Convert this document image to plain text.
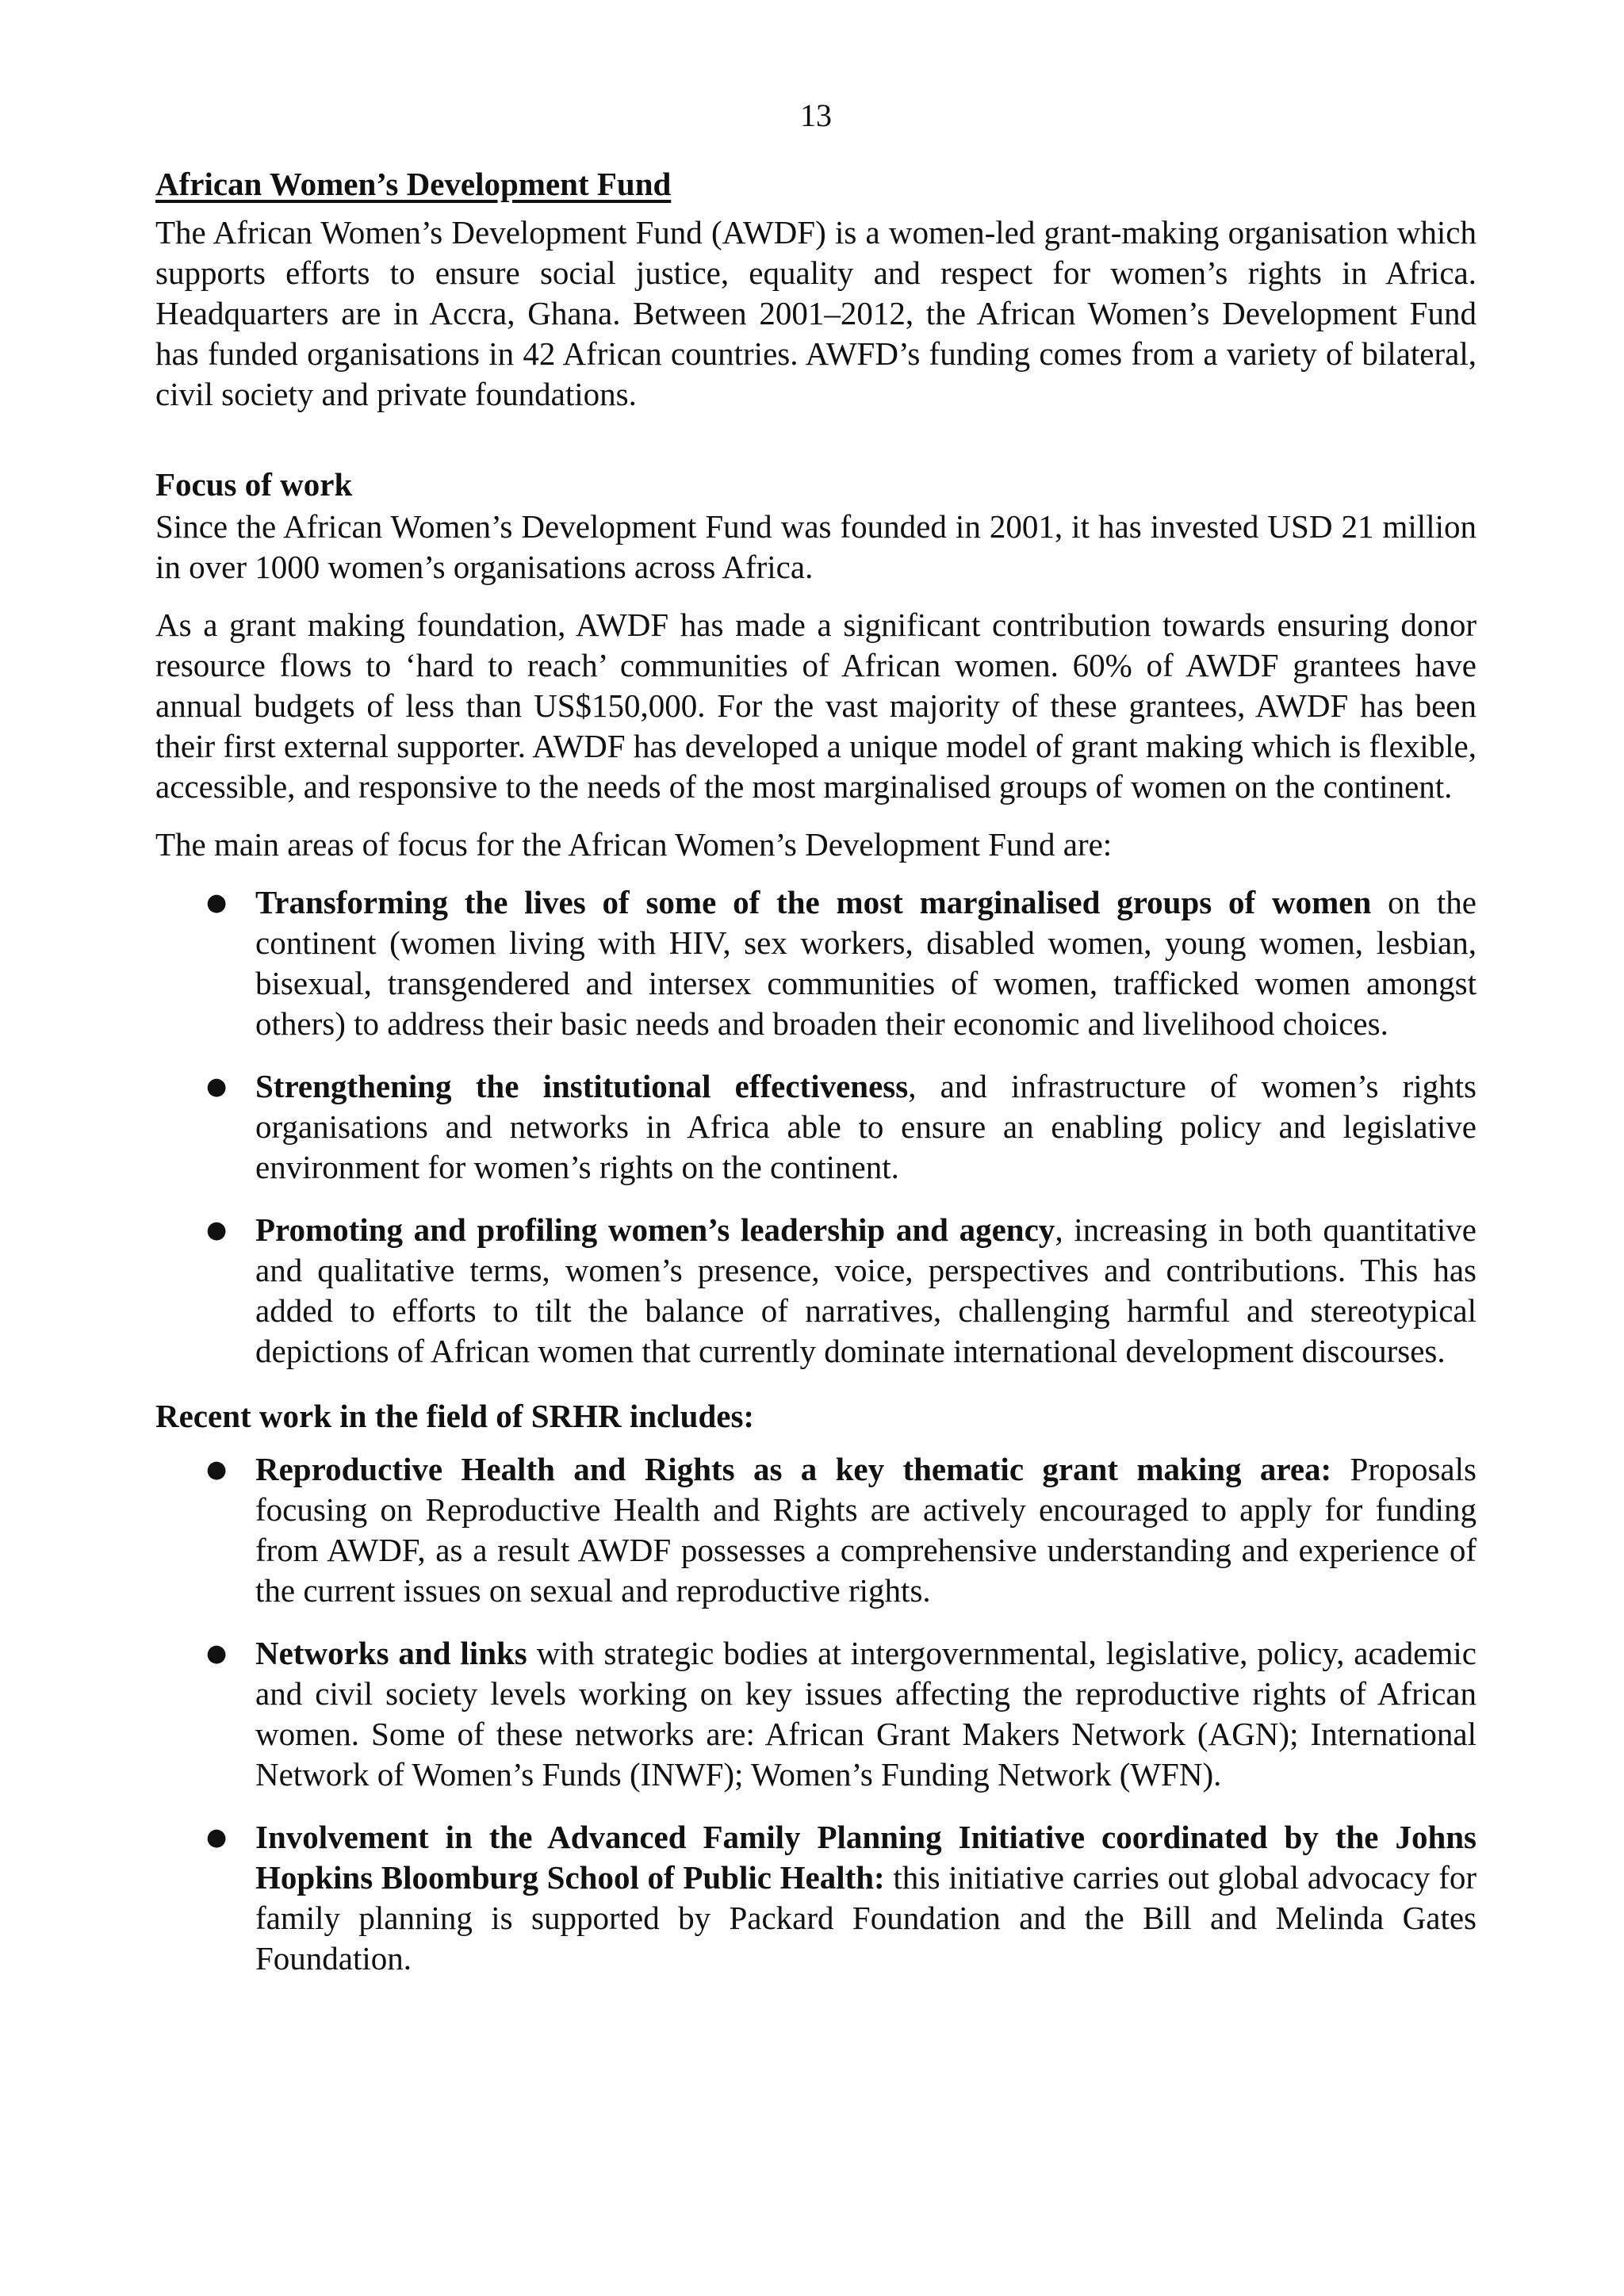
13
African Women’s Development Fund

The African Women’s Development Fund (AWDF) is a women-led grant-making organisation which supports efforts to ensure social justice, equality and respect for women’s rights in Africa. Headquarters are in Accra, Ghana. Between 2001–2012, the African Women’s Development Fund has funded organisations in 42 African countries. AWFD’s funding comes from a variety of bilateral, civil society and private foundations.

Focus of work

Since the African Women’s Development Fund was founded in 2001, it has invested USD 21 million in over 1000 women’s organisations across Africa.

As a grant making foundation, AWDF has made a significant contribution towards ensuring donor resource flows to ‘hard to reach’ communities of African women. 60% of AWDF grantees have annual budgets of less than US$150,000. For the vast majority of these grantees, AWDF has been their first external supporter. AWDF has developed a unique model of grant making which is flexible, accessible, and responsive to the needs of the most marginalised groups of women on the continent.

The main areas of focus for the African Women’s Development Fund are:

● Transforming the lives of some of the most marginalised groups of women on the continent (women living with HIV, sex workers, disabled women, young women, lesbian, bisexual, transgendered and intersex communities of women, trafficked women amongst others) to address their basic needs and broaden their economic and livelihood choices.
● Strengthening the institutional effectiveness, and infrastructure of women’s rights organisations and networks in Africa able to ensure an enabling policy and legislative environment for women’s rights on the continent.
● Promoting and profiling women’s leadership and agency, increasing in both quantitative and qualitative terms, women’s presence, voice, perspectives and contributions. This has added to efforts to tilt the balance of narratives, challenging harmful and stereotypical depictions of African women that currently dominate international development discourses.
Recent work in the field of SRHR includes:
● Reproductive Health and Rights as a key thematic grant making area: Proposals focusing on Reproductive Health and Rights are actively encouraged to apply for funding from AWDF, as a result AWDF possesses a comprehensive understanding and experience of the current issues on sexual and reproductive rights.
● Networks and links with strategic bodies at intergovernmental, legislative, policy, academic and civil society levels working on key issues affecting the reproductive rights of African women. Some of these networks are: African Grant Makers Network (AGN); International Network of Women’s Funds (INWF); Women’s Funding Network (WFN).
● Involvement in the Advanced Family Planning Initiative coordinated by the Johns Hopkins Bloomburg School of Public Health: this initiative carries out global advocacy for family planning is supported by Packard Foundation and the Bill and Melinda Gates Foundation.
